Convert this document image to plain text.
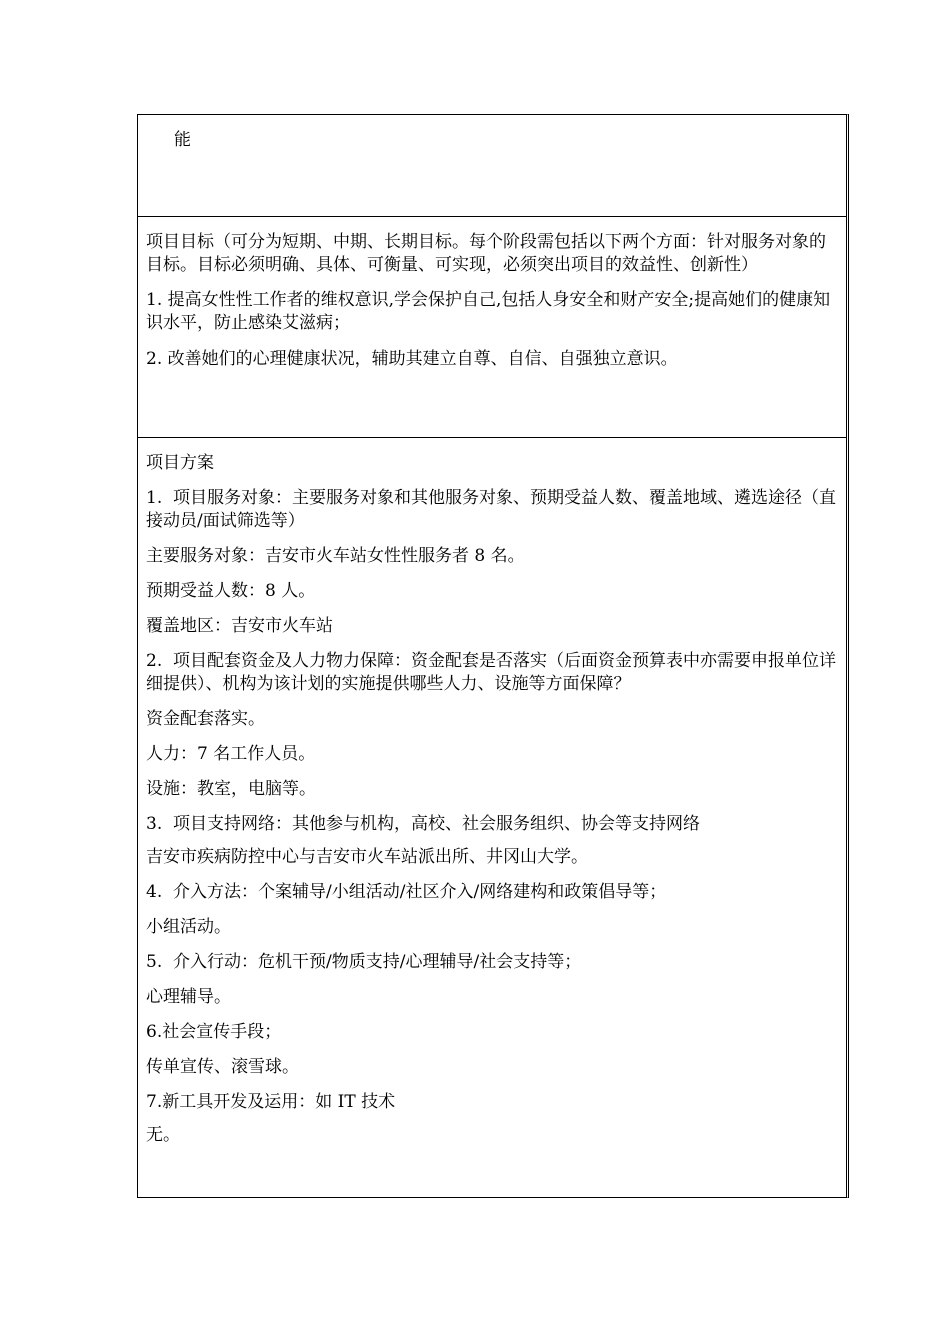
能

项目目标（可分为短期、中期、长期目标。每个阶段需包括以下两个方面：针对服务对象的目标。目标必须明确、具体、可衡量、可实现，必须突出项目的效益性、创新性）

1. 提高女性性工作者的维权意识,学会保护自己,包括人身安全和财产安全;提高她们的健康知识水平，防止感染艾滋病；

2. 改善她们的心理健康状况，辅助其建立自尊、自信、自强独立意识。

项目方案

1.  项目服务对象：主要服务对象和其他服务对象、预期受益人数、覆盖地域、遴选途径（直接动员/面试筛选等）

主要服务对象：吉安市火车站女性性服务者 8 名。

预期受益人数：8 人。

覆盖地区：吉安市火车站

2.  项目配套资金及人力物力保障：资金配套是否落实（后面资金预算表中亦需要申报单位详细提供）、机构为该计划的实施提供哪些人力、设施等方面保障？

资金配套落实。

人力：7 名工作人员。

设施：教室，电脑等。

3.  项目支持网络：其他参与机构，高校、社会服务组织、协会等支持网络

吉安市疾病防控中心与吉安市火车站派出所、井冈山大学。

4.  介入方法：个案辅导/小组活动/社区介入/网络建构和政策倡导等；

小组活动。

5.  介入行动：危机干预/物质支持/心理辅导/社会支持等；

心理辅导。

6.社会宣传手段；

传单宣传、滚雪球。

7.新工具开发及运用：如 IT 技术

无。
